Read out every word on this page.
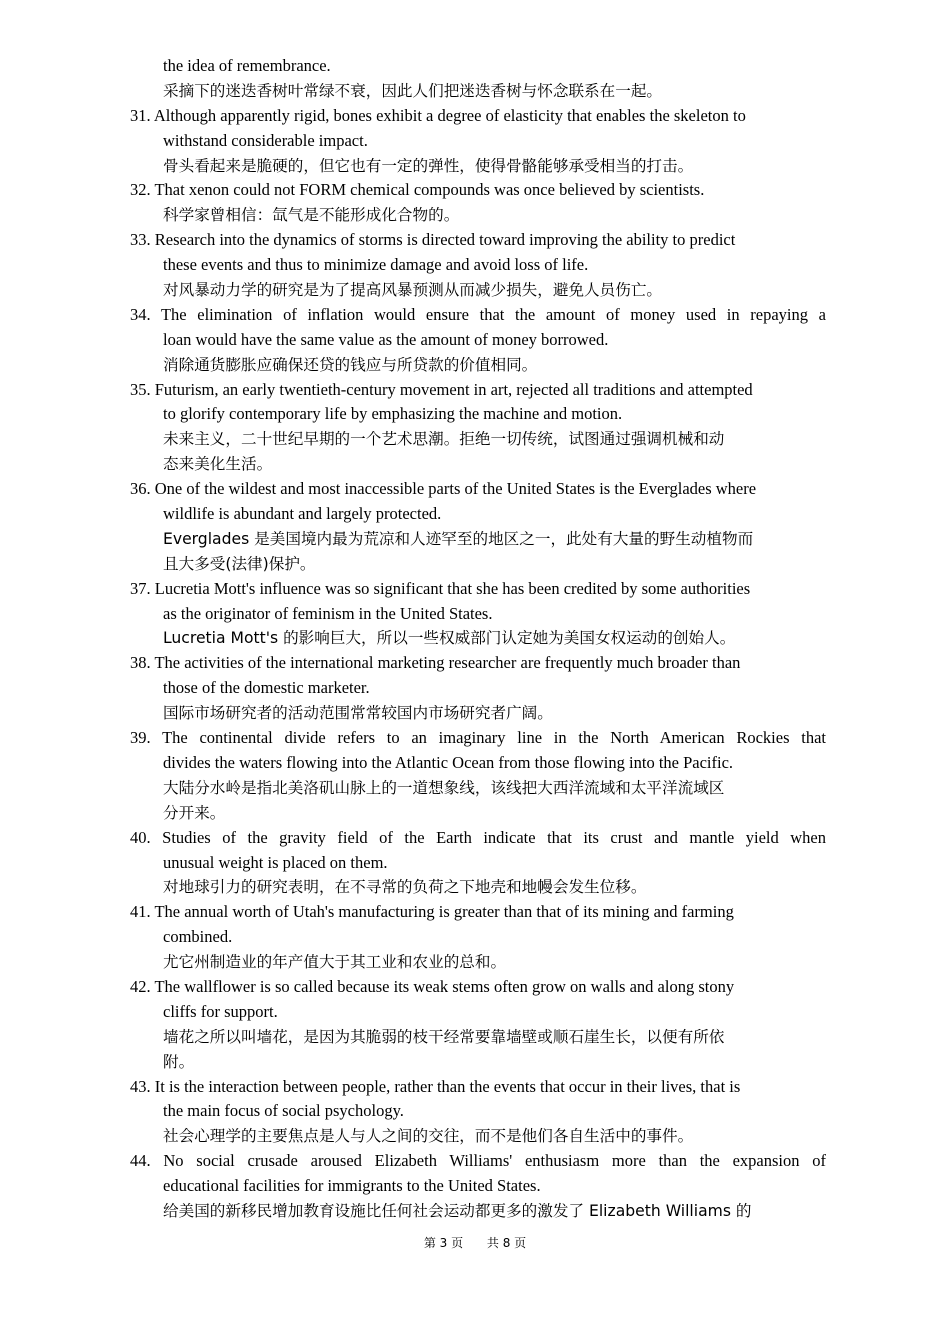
the idea of remembrance.
采摘下的迷迭香树叶常绿不衰，因此人们把迷迭香树与怀念联系在一起。
31. Although apparently rigid, bones exhibit a degree of elasticity that enables the skeleton to
withstand considerable impact.
骨头看起来是脆硬的，但它也有一定的弹性，使得骨骼能够承受相当的打击。
32. That xenon could not FORM chemical compounds was once believed by scientists.
科学家曾相信：氙气是不能形成化合物的。
33. Research into the dynamics of storms is directed toward improving the ability to predict
these events and thus to minimize damage and avoid loss of life.
对风暴动力学的研究是为了提高风暴预测从而减少损失，避免人员伤亡。
34. The elimination of inflation would ensure that the amount of money used in repaying a
loan would have the same value as the amount of money borrowed.
消除通货膨胀应确保还贷的钱应与所贷款的价值相同。
35. Futurism, an early twentieth-century movement in art, rejected all traditions and attempted
to glorify contemporary life by emphasizing the machine and motion.
未来主义，二十世纪早期的一个艺术思潮。拒绝一切传统，试图通过强调机械和动
态来美化生活。
36. One of the wildest and most inaccessible parts of the United States is the Everglades where
wildlife is abundant and largely protected.
Everglades 是美国境内最为荒凉和人迹罕至的地区之一，此处有大量的野生动植物而
且大多受(法律)保护。
37. Lucretia Mott's influence was so significant that she has been credited by some authorities
as the originator of feminism in the United States.
Lucretia Mott's 的影响巨大，所以一些权威部门认定她为美国女权运动的创始人。
38. The activities of the international marketing researcher are frequently much broader than
those of the domestic marketer.
国际市场研究者的活动范围常常较国内市场研究者广阔。
39. The continental divide refers to an imaginary line in the North American Rockies that
divides the waters flowing into the Atlantic Ocean from those flowing into the Pacific.
大陆分水岭是指北美洛矶山脉上的一道想象线，该线把大西洋流域和太平洋流域区
分开来。
40. Studies of the gravity field of the Earth indicate that its crust and mantle yield when
unusual weight is placed on them.
对地球引力的研究表明，在不寻常的负荷之下地壳和地幔会发生位移。
41. The annual worth of Utah's manufacturing is greater than that of its mining and farming
combined.
尤它州制造业的年产值大于其工业和农业的总和。
42. The wallflower is so called because its weak stems often grow on walls and along stony
cliffs for support.
墙花之所以叫墙花，是因为其脆弱的枝干经常要靠墙壁或顺石崖生长，以便有所依
附。
43. It is the interaction between people, rather than the events that occur in their lives, that is
the main focus of social psychology.
社会心理学的主要焦点是人与人之间的交往，而不是他们各自生活中的事件。
44. No social crusade aroused Elizabeth Williams' enthusiasm more than the expansion of
educational facilities for immigrants to the United States.
给美国的新移民增加教育设施比任何社会运动都更多的激发了 Elizabeth Williams 的
第 3 页 共 8 页
